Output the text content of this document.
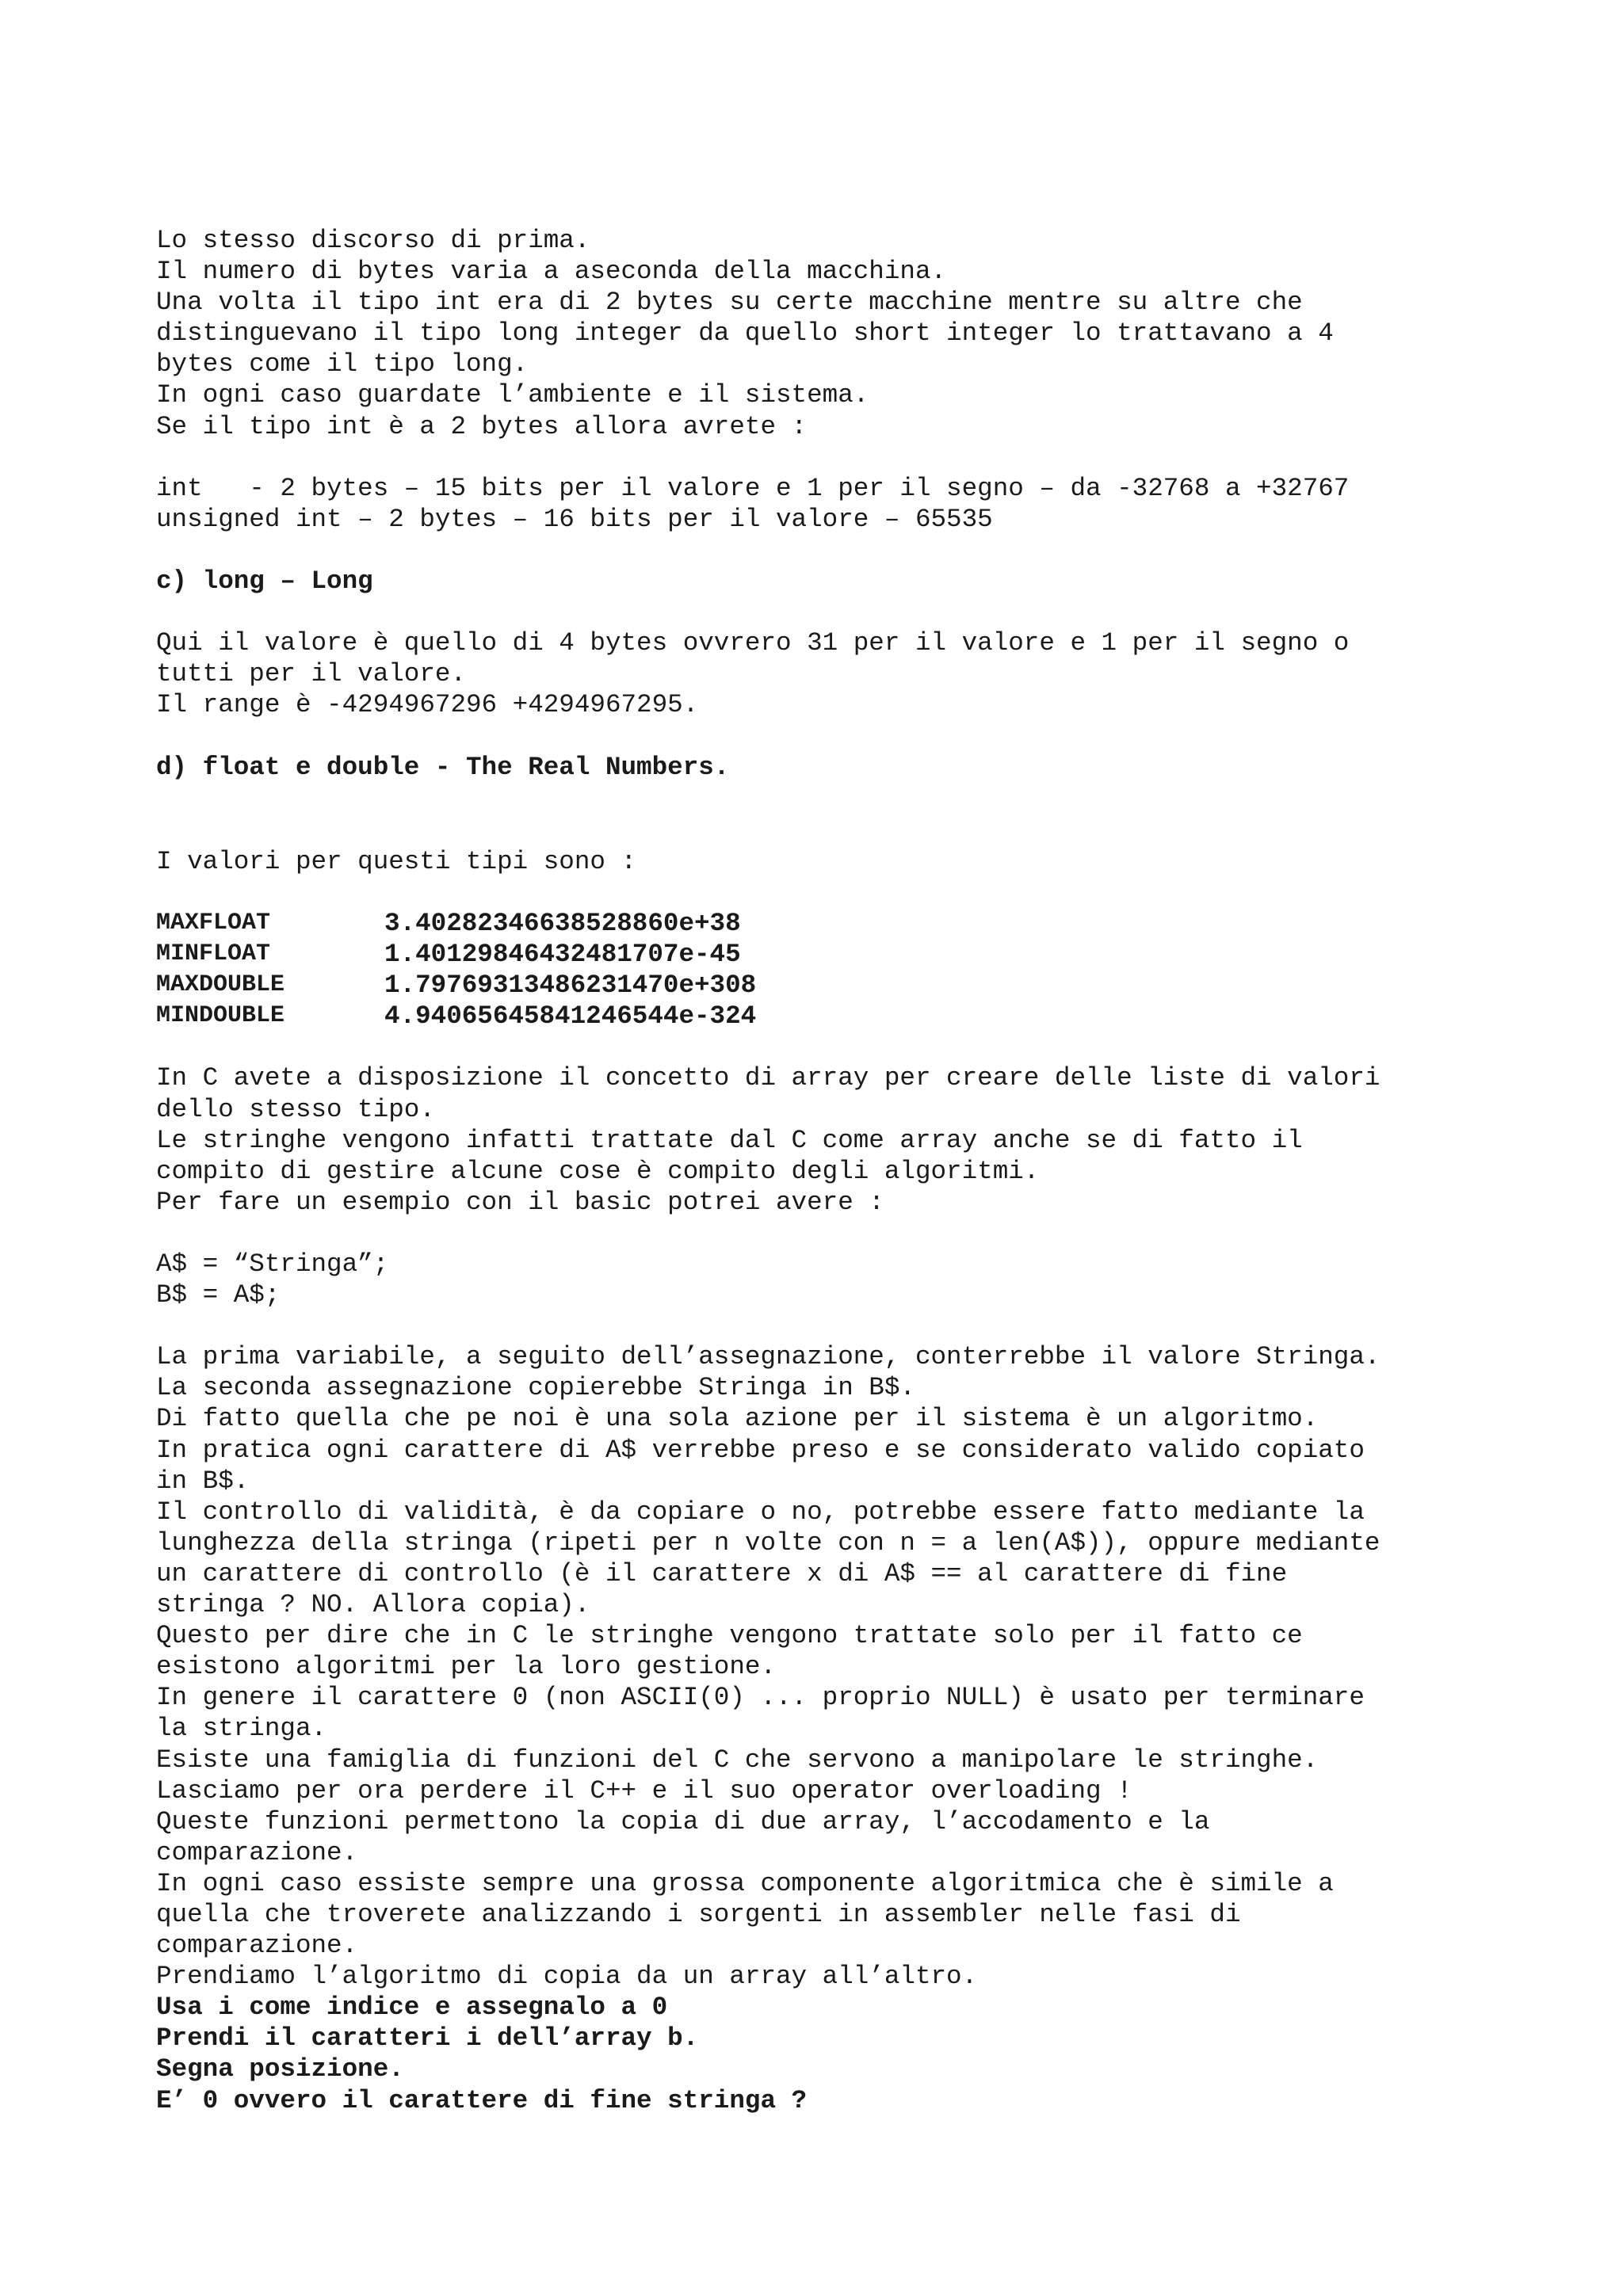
Lo stesso discorso di prima.
Il numero di bytes varia a aseconda della macchina.
Una volta il tipo int era di 2 bytes su certe macchine mentre su altre che
distinguevano il tipo long integer da quello short integer lo trattavano a 4
bytes come il tipo long.
In ogni caso guardate l’ambiente e il sistema.
Se il tipo int è a 2 bytes allora avrete :
int   - 2 bytes – 15 bits per il valore e 1 per il segno – da -32768 a +32767
unsigned int – 2 bytes – 16 bits per il valore – 65535
c) long – Long
Qui il valore è quello di 4 bytes ovvrero 31 per il valore e 1 per il segno o
tutti per il valore.
Il range è -4294967296 +4294967295.
d) float e double - The Real Numbers.
I valori per questi tipi sono :
MAXFLOAT	3.40282346638528860e+38
MINFLOAT	1.40129846432481707e-45
MAXDOUBLE	1.79769313486231470e+308
MINDOUBLE	4.94065645841246544e-324
In C avete a disposizione il concetto di array per creare delle liste di valori
dello stesso tipo.
Le stringhe vengono infatti trattate dal C come array anche se di fatto il
compito di gestire alcune cose è compito degli algoritmi.
Per fare un esempio con il basic potrei avere :
A$ = “Stringa”;
B$ = A$;
La prima variabile, a seguito dell’assegnazione, conterrebbe il valore Stringa.
La seconda assegnazione copierebbe Stringa in B$.
Di fatto quella che pe noi è una sola azione per il sistema è un algoritmo.
In pratica ogni carattere di A$ verrebbe preso e se considerato valido copiato
in B$.
Il controllo di validità, è da copiare o no, potrebbe essere fatto mediante la
lunghezza della stringa (ripeti per n volte con n = a len(A$)), oppure mediante
un carattere di controllo (è il carattere x di A$ == al carattere di fine
stringa ? NO. Allora copia).
Questo per dire che in C le stringhe vengono trattate solo per il fatto ce
esistono algoritmi per la loro gestione.
In genere il carattere 0 (non ASCII(0) ... proprio NULL) è usato per terminare
la stringa.
Esiste una famiglia di funzioni del C che servono a manipolare le stringhe.
Lasciamo per ora perdere il C++ e il suo operator overloading !
Queste funzioni permettono la copia di due array, l’accodamento e la
comparazione.
In ogni caso essiste sempre una grossa componente algoritmica che è simile a
quella che troverete analizzando i sorgenti in assembler nelle fasi di
comparazione.
Prendiamo l’algoritmo di copia da un array all’altro.
Usa i come indice e assegnalo a 0
Prendi il caratteri i dell’array b.
Segna posizione.
E’ 0 ovvero il carattere di fine stringa ?
